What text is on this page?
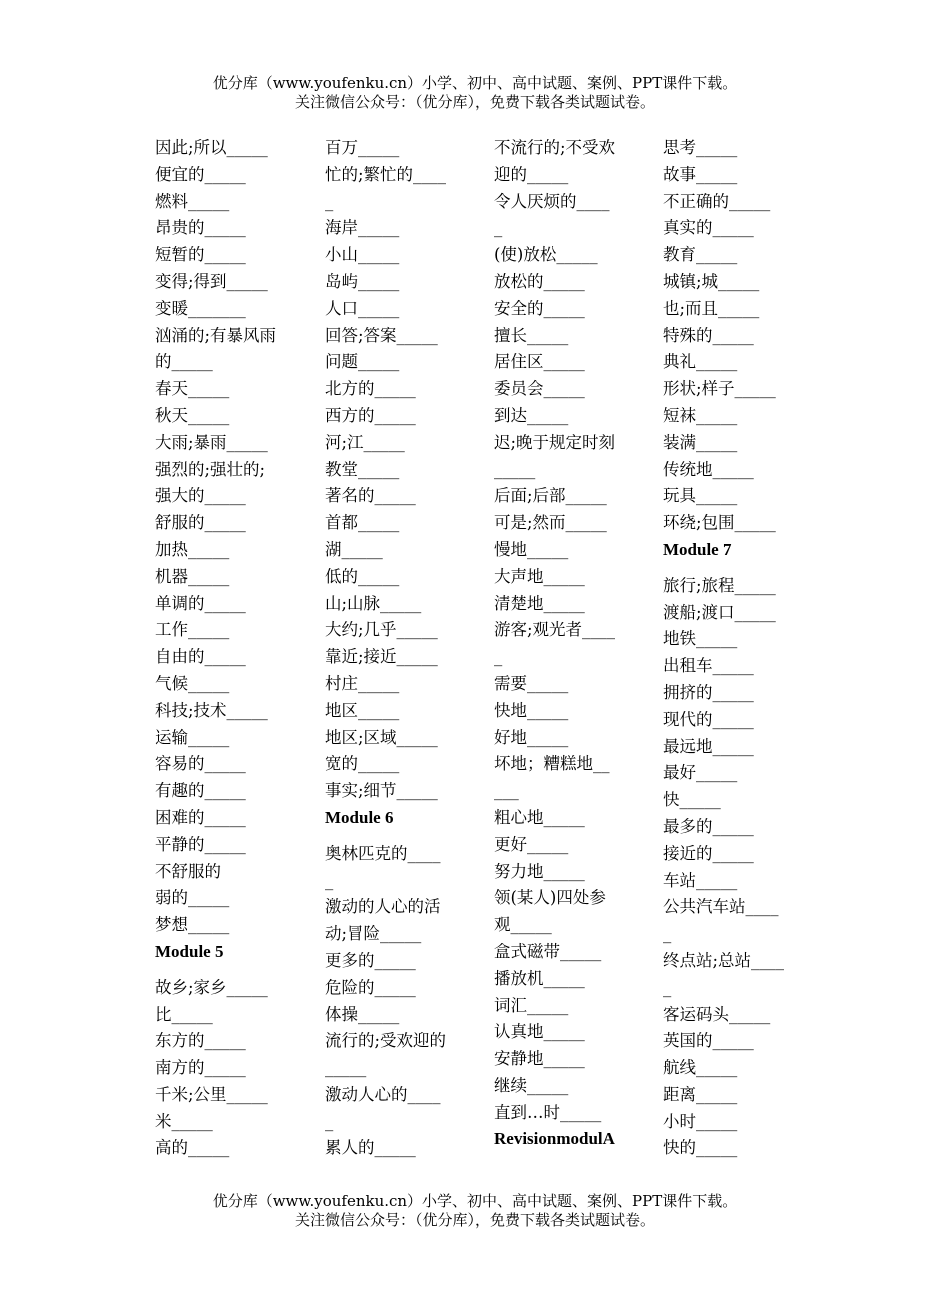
优分库（www.youfenku.cn）小学、初中、高中试题、案例、PPT课件下载。
关注微信公众号：（优分库），免费下载各类试题试卷。
因此;所以_____
便宜的_____
燃料_____
昂贵的_____
短暂的_____
变得;得到_____
变暖_______
汹涌的;有暴风雨
的_____
春天_____
秋天_____
大雨;暴雨_____
强烈的;强壮的;
强大的_____
舒服的_____
加热_____
机器_____
单调的_____
工作_____
自由的_____
气候_____
科技;技术_____
运输_____
容易的_____
有趣的_____
困难的_____
平静的_____
不舒服的
弱的_____
梦想_____
Module 5
故乡;家乡_____
比_____
东方的_____
南方的_____
千米;公里_____
米_____
高的_____
百万_____
忙的;繁忙的____
_
海岸_____
小山_____
岛屿_____
人口_____
回答;答案_____
问题_____
北方的_____
西方的_____
河;江_____
教堂_____
著名的_____
首都_____
湖_____
低的_____
山;山脉_____
大约;几乎_____
靠近;接近_____
村庄_____
地区_____
地区;区域_____
宽的_____
事实;细节_____
Module 6
奥林匹克的____
_
激动的人心的活
动;冒险_____
更多的_____
危险的_____
体操_____
流行的;受欢迎的
_____
激动人心的____
_
累人的_____
不流行的;不受欢
迎的_____
令人厌烦的____
_
(使)放松_____
放松的_____
安全的_____
擅长_____
居住区_____
委员会_____
到达_____
迟;晚于规定时刻
_____
后面;后部_____
可是;然而_____
慢地_____
大声地_____
清楚地_____
游客;观光者____
_
需要_____
快地_____
好地_____
坏地；糟糕地__
___
粗心地_____
更好_____
努力地_____
领(某人)四处参
观_____
盒式磁带_____
播放机_____
词汇_____
认真地_____
安静地_____
继续_____
直到…时_____
RevisionmodulA
思考_____
故事_____
不正确的_____
真实的_____
教育_____
城镇;城_____
也;而且_____
特殊的_____
典礼_____
形状;样子_____
短袜_____
装满_____
传统地_____
玩具_____
环绕;包围_____
Module 7
旅行;旅程_____
渡船;渡口_____
地铁_____
出租车_____
拥挤的_____
现代的_____
最远地_____
最好_____
快_____
最多的_____
接近的_____
车站_____
公共汽车站____
_
终点站;总站____
_
客运码头_____
英国的_____
航线_____
距离_____
小时_____
快的_____
优分库（www.youfenku.cn）小学、初中、高中试题、案例、PPT课件下载。
关注微信公众号：（优分库），免费下载各类试题试卷。
